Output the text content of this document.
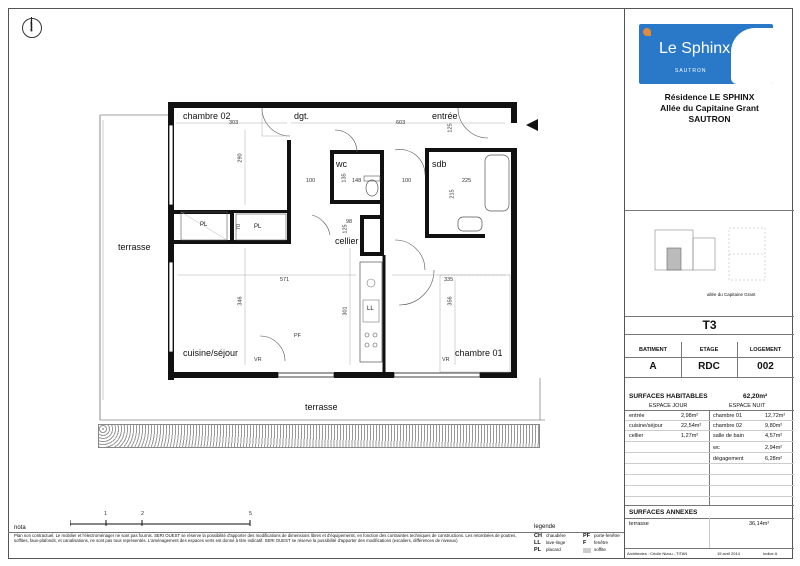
NORD
chambre 02	dgt.	entrée
wc	sdb
cellier
terrasse
terrasse
cuisine/séjour	chambre 01
PL	PL
LL
VR	VR
PF
303	603
125
290
100	135 148	100	225
215
98
70	125
571	335
346
301
356
1	2	5
nota
Plan non contractuel. Le mobilier et l'électroménager ne sont pas fournis. SERI OUEST se réserve la possibilité d'apporter des modifications de dimensions libres et d'équipements, en fonction des contraintes techniques de constructions. Les retombées de poutres, soffites, faux-plafonds, et canalisations, ne sont pas tous représentés. L'aménagement des espaces verts est donné à titre indicatif. SERI OUEST se réserve la possibilité d'apporter des modifications (escaliers, différences de niveaux)
legende
CH chaudière
LL lave-linge
PL placard
PF porte-fenêtre
F fenêtre
soffite
Le Sphinx
SAUTRON
Résidence LE SPHINX
Allée du Capitaine Grant
SAUTRON
allée du Capitaine Grant
T3
BATIMENT	ETAGE	LOGEMENT
A	RDC	002
SURFACES HABITABLES	62,20m²
ESPACE JOUR	ESPACE NUIT
entrée	2,98m²
cuisine/séjour	22,54m²
cellier	1,27m²
chambre 01	12,72m²
chambre 02	9,80m²
salle de bain	4,57m²
wc	2,94m²
dégagement	6,28m²
SURFACES ANNEXES
terrasse	36,14m²
Architectes : Cécile Nizou - TITAN	15 avril 2014	Indice A
